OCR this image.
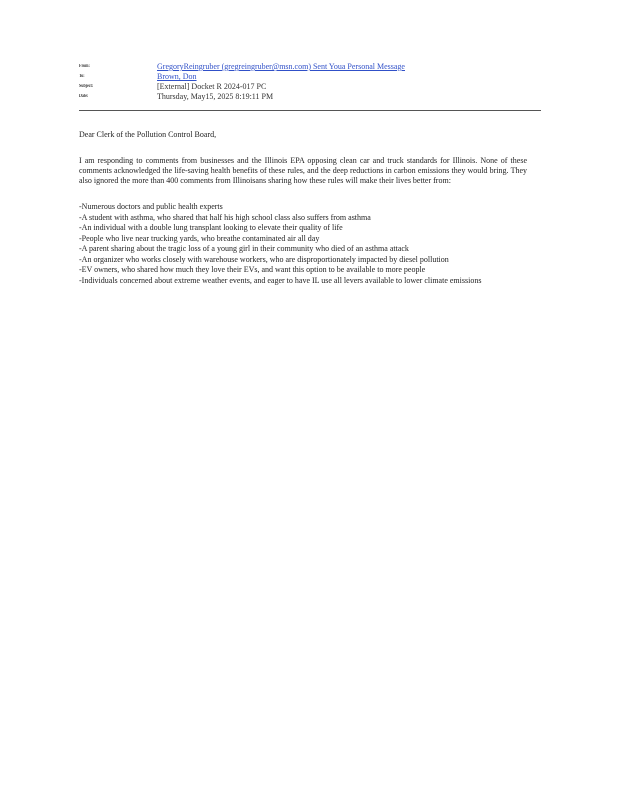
From:	GregoryReingruber (gregreingruber@msn.com) Sent Youa Personal Message
To:	Brown, Don
Subject:	[External] Docket R 2024-017 PC
Date:	Thursday, May15, 2025 8:19:11 PM

Dear Clerk of the Pollution Control Board,

I am responding to comments from businesses and the Illinois EPA opposing clean car and truck standards for Illinois. None of these comments acknowledged the life-saving health benefits of these rules, and the deep reductions in carbon emissions they would bring. They also ignored the more than 400 comments from Illinoisans sharing how these rules will make their lives better from:

-Numerous doctors and public health experts
-A student with asthma, who shared that half his high school class also suffers from asthma
-An individual with a double lung transplant looking to elevate their quality of life
-People who live near trucking yards, who breathe contaminated air all day
-A parent sharing about the tragic loss of a young girl in their community who died of an asthma attack
-An organizer who works closely with warehouse workers, who are disproportionately impacted by diesel pollution
-EV owners, who shared how much they love their EVs, and want this option to be available to more people
-Individuals concerned about extreme weather events, and eager to have IL use all levers available to lower climate emissions
